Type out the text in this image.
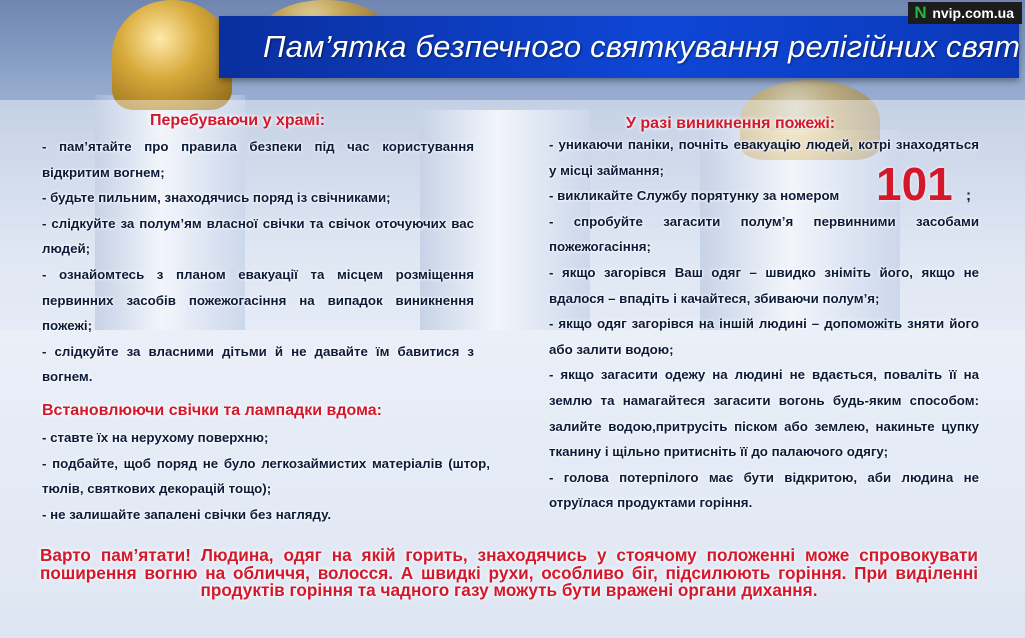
Пам’ятка безпечного святкування релігійних свят
N nvip.com.ua
Перебуваючи у храмі:

- пам’ятайте про правила безпеки під час користування відкритим вогнем;

- будьте пильним, знаходячись поряд із свічниками;

- слідкуйте за полум’ям власної свічки та свічок оточуючих вас людей;

- ознайомтесь з планом евакуації та місцем розміщення первинних засобів пожежогасіння на випадок виникнення пожежі;

- слідкуйте за власними дітьми й не давайте їм бавитися з вогнем.

Встановлюючи свічки та лампадки вдома:

- ставте їх на нерухому поверхню;

- подбайте, щоб поряд не було легкозаймистих матеріалів (штор, тюлів, святкових декорацій тощо);

- не залишайте запалені свічки без нагляду.

У разі виникнення пожежі:

- уникаючи паніки, почніть евакуацію людей, котрі знаходяться у місці займання;

- викликайте Службу порятунку за номером

- спробуйте загасити полум’я первинними засобами пожежогасіння;

- якщо загорівся Ваш одяг – швидко зніміть його, якщо не вдалося – впадіть і качайтеся, збиваючи полум’я;

- якщо одяг загорівся на іншій людині – допоможіть зняти його або залити водою;

- якщо загасити одежу на людині не вдається, поваліть її на землю та намагайтеся загасити вогонь будь-яким способом: залийте водою,притрусіть піском або землею, накиньте цупку тканину і щільно притисніть її до палаючого одягу;

- голова потерпілого має бути відкритою, аби людина не отруїлася продуктами горіння.

101 ;
Варто пам’ятати! Людина, одяг на якій горить, знаходячись у стоячому положенні може спровокувати поширення вогню на обличчя, волосся. А швидкі рухи, особливо біг, підсилюють горіння. При виділенні продуктів горіння та чадного газу можуть бути вражені органи дихання.
